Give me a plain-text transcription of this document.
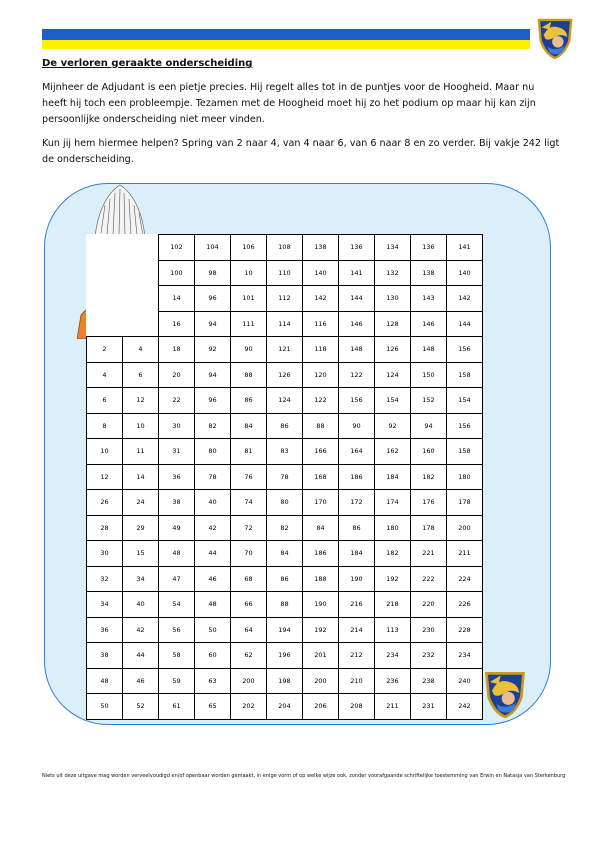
De verloren geraakte onderscheiding

Mijnheer de Adjudant is een pietje precies. Hij regelt alles tot in de puntjes voor de Hoogheid. Maar nu heeft hij toch een probleempje. Tezamen met de Hoogheid moet hij zo het podium op maar hij kan zijn persoonlijke onderscheiding niet meer vinden.

Kun jij hem hiermee helpen? Spring van 2 naar 4, van 4 naar 6, van 6 naar 8 en zo verder. Bij vakje 242 ligt de onderscheiding.

		102	104	106	108	138	136	134	136	141
		100	98	10	110	140	141	132	138	140
		14	96	101	112	142	144	130	143	142
		16	94	111	114	116	146	128	146	144
2	4	18	92	90	121	118	148	126	148	156
4	6	20	94	88	126	120	122	124	150	158
6	12	22	96	86	124	122	156	154	152	154
8	10	30	82	84	86	88	90	92	94	156
10	11	31	80	81	83	166	164	162	160	158
12	14	36	78	76	78	168	186	184	182	180
26	24	38	40	74	80	170	172	174	176	178
28	29	49	42	72	82	84	86	180	178	200
30	15	48	44	70	84	186	184	182	221	211
32	34	47	46	68	86	188	190	192	222	224
34	40	54	48	66	88	190	216	218	220	226
36	42	56	50	64	194	192	214	113	230	228
38	44	58	60	62	196	201	212	234	232	234
48	46	59	63	200	198	200	210	236	238	240
50	52	61	65	202	204	206	208	211	231	242

Niets uit deze uitgave mag worden verveelvoudigd en/of openbaar worden gemaakt, in enige vorm of op welke wijze ook, zonder voorafgaande schriftelijke toestemming van Erwin en Natasja van Sterkenburg
